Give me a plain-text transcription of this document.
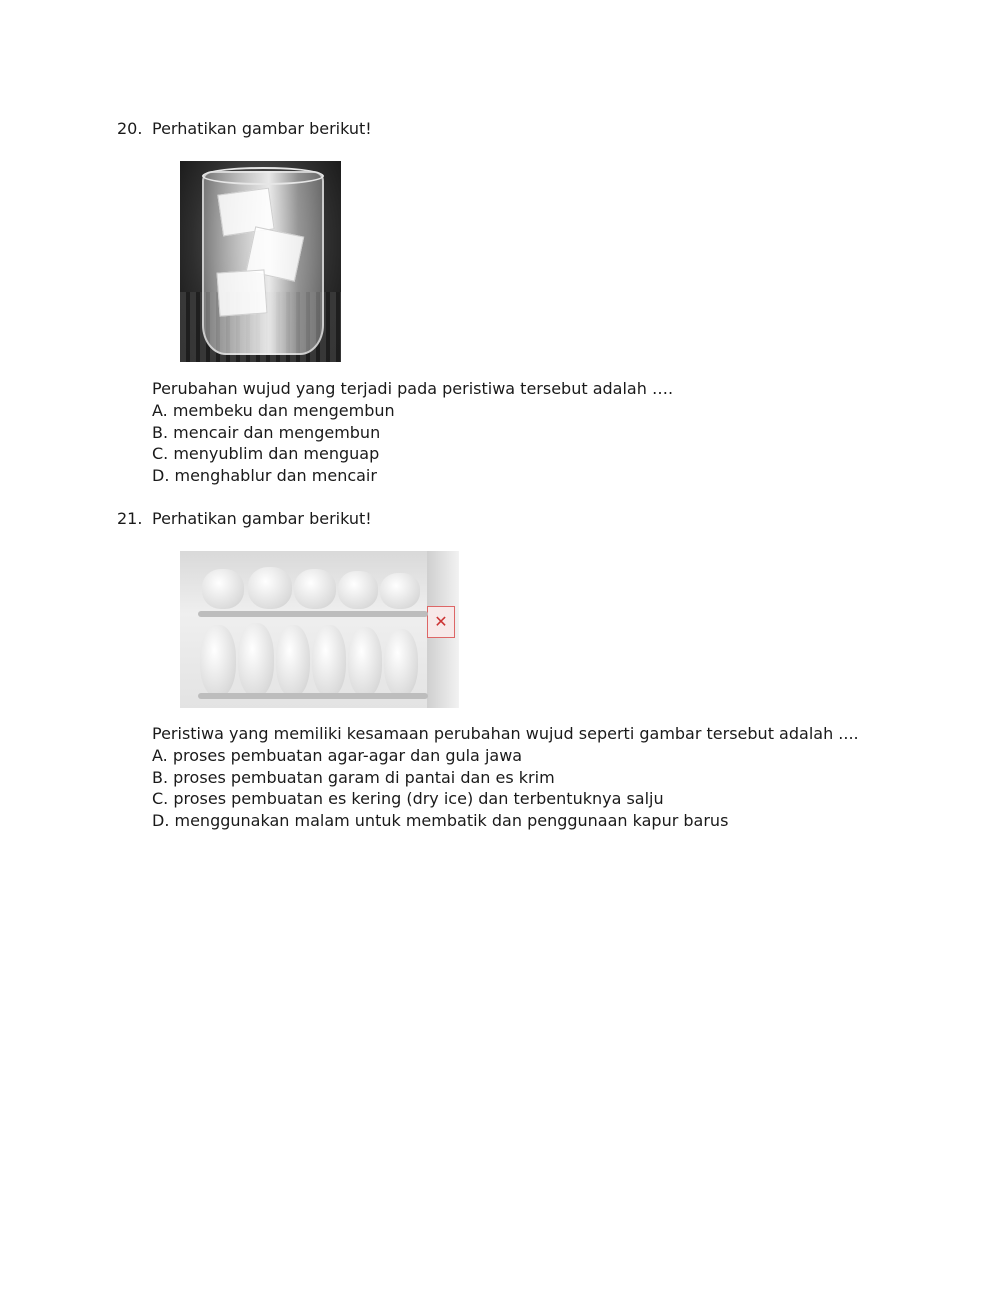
20. Perhatikan gambar berikut!
Perubahan wujud yang terjadi pada peristiwa tersebut adalah ….
A. membeku dan mengembun
B. mencair dan mengembun
C. menyublim dan menguap
D. menghablur dan mencair
21. Perhatikan gambar berikut!
✕
Peristiwa yang memiliki kesamaan perubahan wujud seperti gambar tersebut adalah ....
A. proses pembuatan agar-agar dan gula jawa
B. proses pembuatan garam di pantai dan es krim
C. proses pembuatan es kering (dry ice) dan terbentuknya salju
D. menggunakan malam untuk membatik dan penggunaan kapur barus
